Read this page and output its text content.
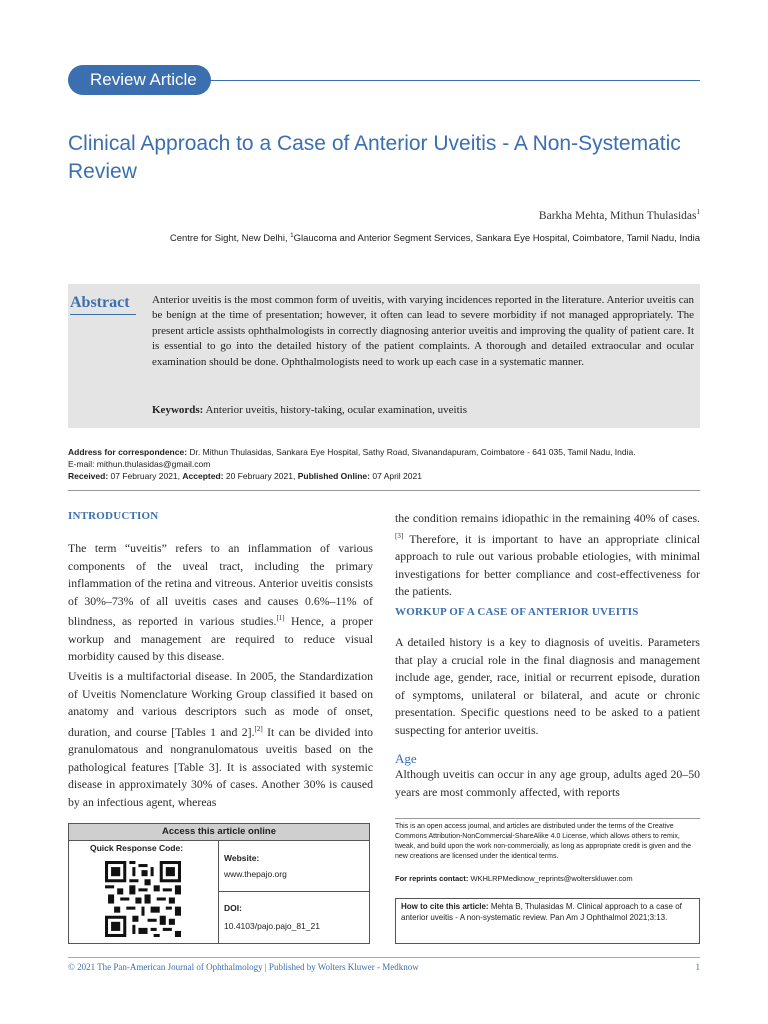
Review Article
Clinical Approach to a Case of Anterior Uveitis - A Non-Systematic Review
Barkha Mehta, Mithun Thulasidas$^1$
Centre for Sight, New Delhi, $^1$Glaucoma and Anterior Segment Services, Sankara Eye Hospital, Coimbatore, Tamil Nadu, India
Abstract Anterior uveitis is the most common form of uveitis, with varying incidences reported in the literature. Anterior uveitis can be benign at the time of presentation; however, it often can lead to severe morbidity if not managed appropriately. The present article assists ophthalmologists in correctly diagnosing anterior uveitis and improving the quality of patient care. It is essential to go into the detailed history of the patient complaints. A thorough and detailed extraocular and ocular examination should be done. Ophthalmologists need to work up each case in a systematic manner.
Keywords: Anterior uveitis, history-taking, ocular examination, uveitis
Address for correspondence: Dr. Mithun Thulasidas, Sankara Eye Hospital, Sathy Road, Sivanandapuram, Coimbatore - 641 035, Tamil Nadu, India.
E-mail: mithun.thulasidas@gmail.com
Received: 07 February 2021, Accepted: 20 February 2021, Published Online: 07 April 2021
INTRODUCTION
The term “uveitis” refers to an inflammation of various components of the uveal tract, including the primary inflammation of the retina and vitreous. Anterior uveitis consists of 30%–73% of all uveitis cases and causes 0.6%–11% of blindness, as reported in various studies.[1] Hence, a proper workup and management are required to reduce visual morbidity caused by this disease.
Uveitis is a multifactorial disease. In 2005, the Standardization of Uveitis Nomenclature Working Group classified it based on anatomy and various descriptors such as mode of onset, duration, and course [Tables 1 and 2].[2] It can be divided into granulomatous and nongranulomatous uveitis based on the pathological features [Table 3]. It is associated with systemic disease in approximately 30% of cases. Another 30% is caused by an infectious agent, whereas
the condition remains idiopathic in the remaining 40% of cases.[3] Therefore, it is important to have an appropriate clinical approach to rule out various probable etiologies, with minimal investigations for better compliance and cost-effectiveness for the patients.
WORKUP OF A CASE OF ANTERIOR UVEITIS
A detailed history is a key to diagnosis of uveitis. Parameters that play a crucial role in the final diagnosis and management include age, gender, race, initial or recurrent episode, duration of symptoms, unilateral or bilateral, and acute or chronic presentation. Specific questions need to be asked to a patient suspecting for anterior uveitis.
Age
Although uveitis can occur in any age group, adults aged 20–50 years are most commonly affected, with reports
Access this article online
Quick Response Code:
Website:
www.thepajo.org
DOI:
10.4103/pajo.pajo_81_21
This is an open access journal, and articles are distributed under the terms of the Creative Commons Attribution-NonCommercial-ShareAlike 4.0 License, which allows others to remix, tweak, and build upon the work non-commercially, as long as appropriate credit is given and the new creations are licensed under the identical terms.
For reprints contact: WKHLRPMedknow_reprints@wolterskluwer.com
How to cite this article: Mehta B, Thulasidas M. Clinical approach to a case of anterior uveitis - A non-systematic review. Pan Am J Ophthalmol 2021;3:13.
© 2021 The Pan-American Journal of Ophthalmology | Published by Wolters Kluwer - Medknow	1
